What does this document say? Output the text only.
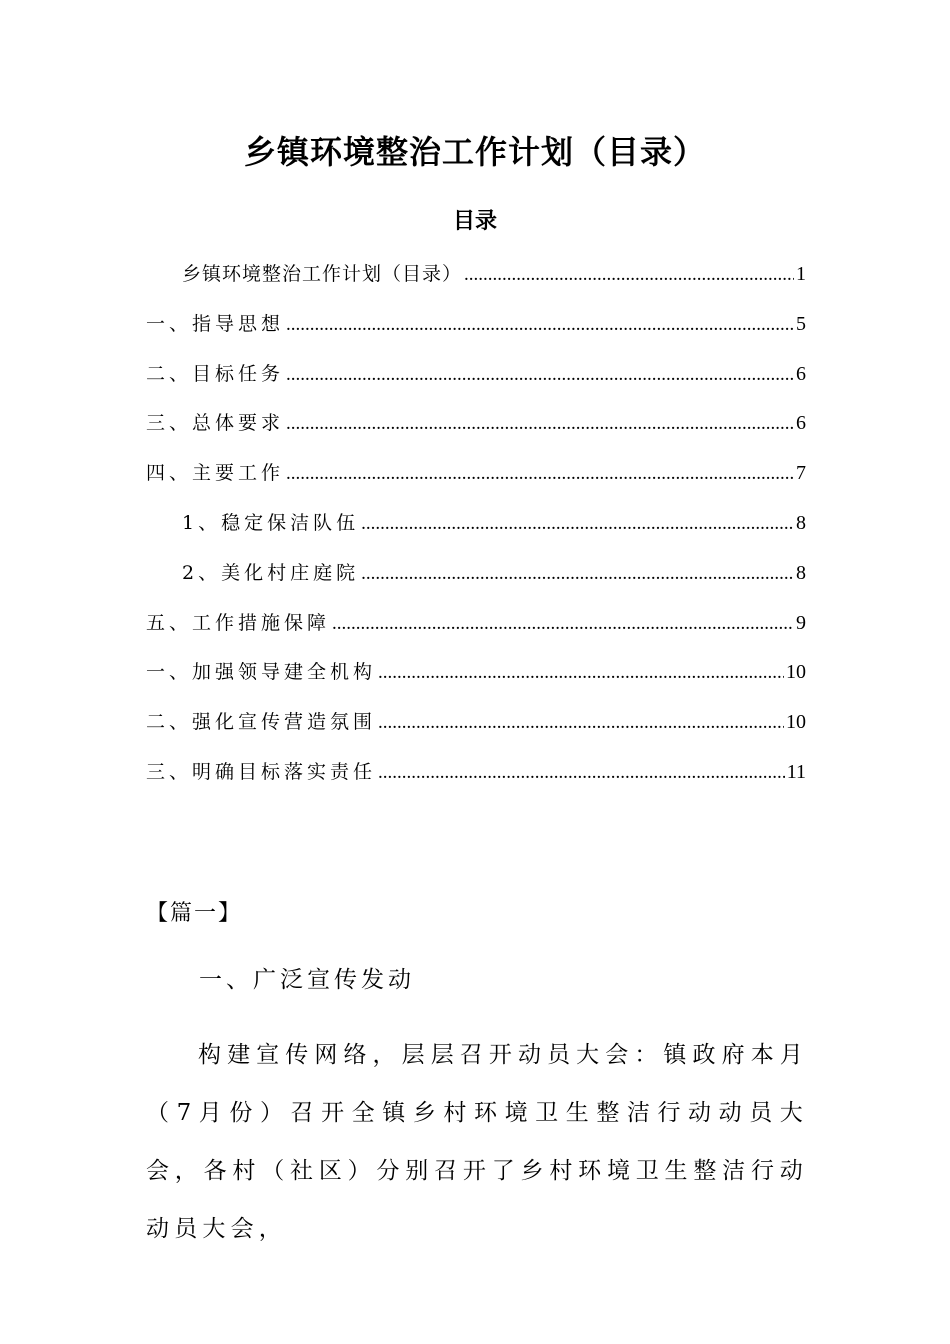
乡镇环境整治工作计划（目录）
目录
乡镇环境整治工作计划（目录） .....	1
一、指导思想 .....	5
二、目标任务 .....	6
三、总体要求 .....	6
四、主要工作 .....	7
1、稳定保洁队伍 .....	8
2、美化村庄庭院 .....	8
五、工作措施保障 .....	9
一、加强领导建全机构 .....	10
二、强化宣传营造氛围 .....	10
三、明确目标落实责任 .....	11
【篇一】
一、广泛宣传发动

构建宣传网络，层层召开动员大会：镇政府本月（7月份）召开全镇乡村环境卫生整洁行动动员大会，各村（社区）分别召开了乡村环境卫生整洁行动动员大会，
